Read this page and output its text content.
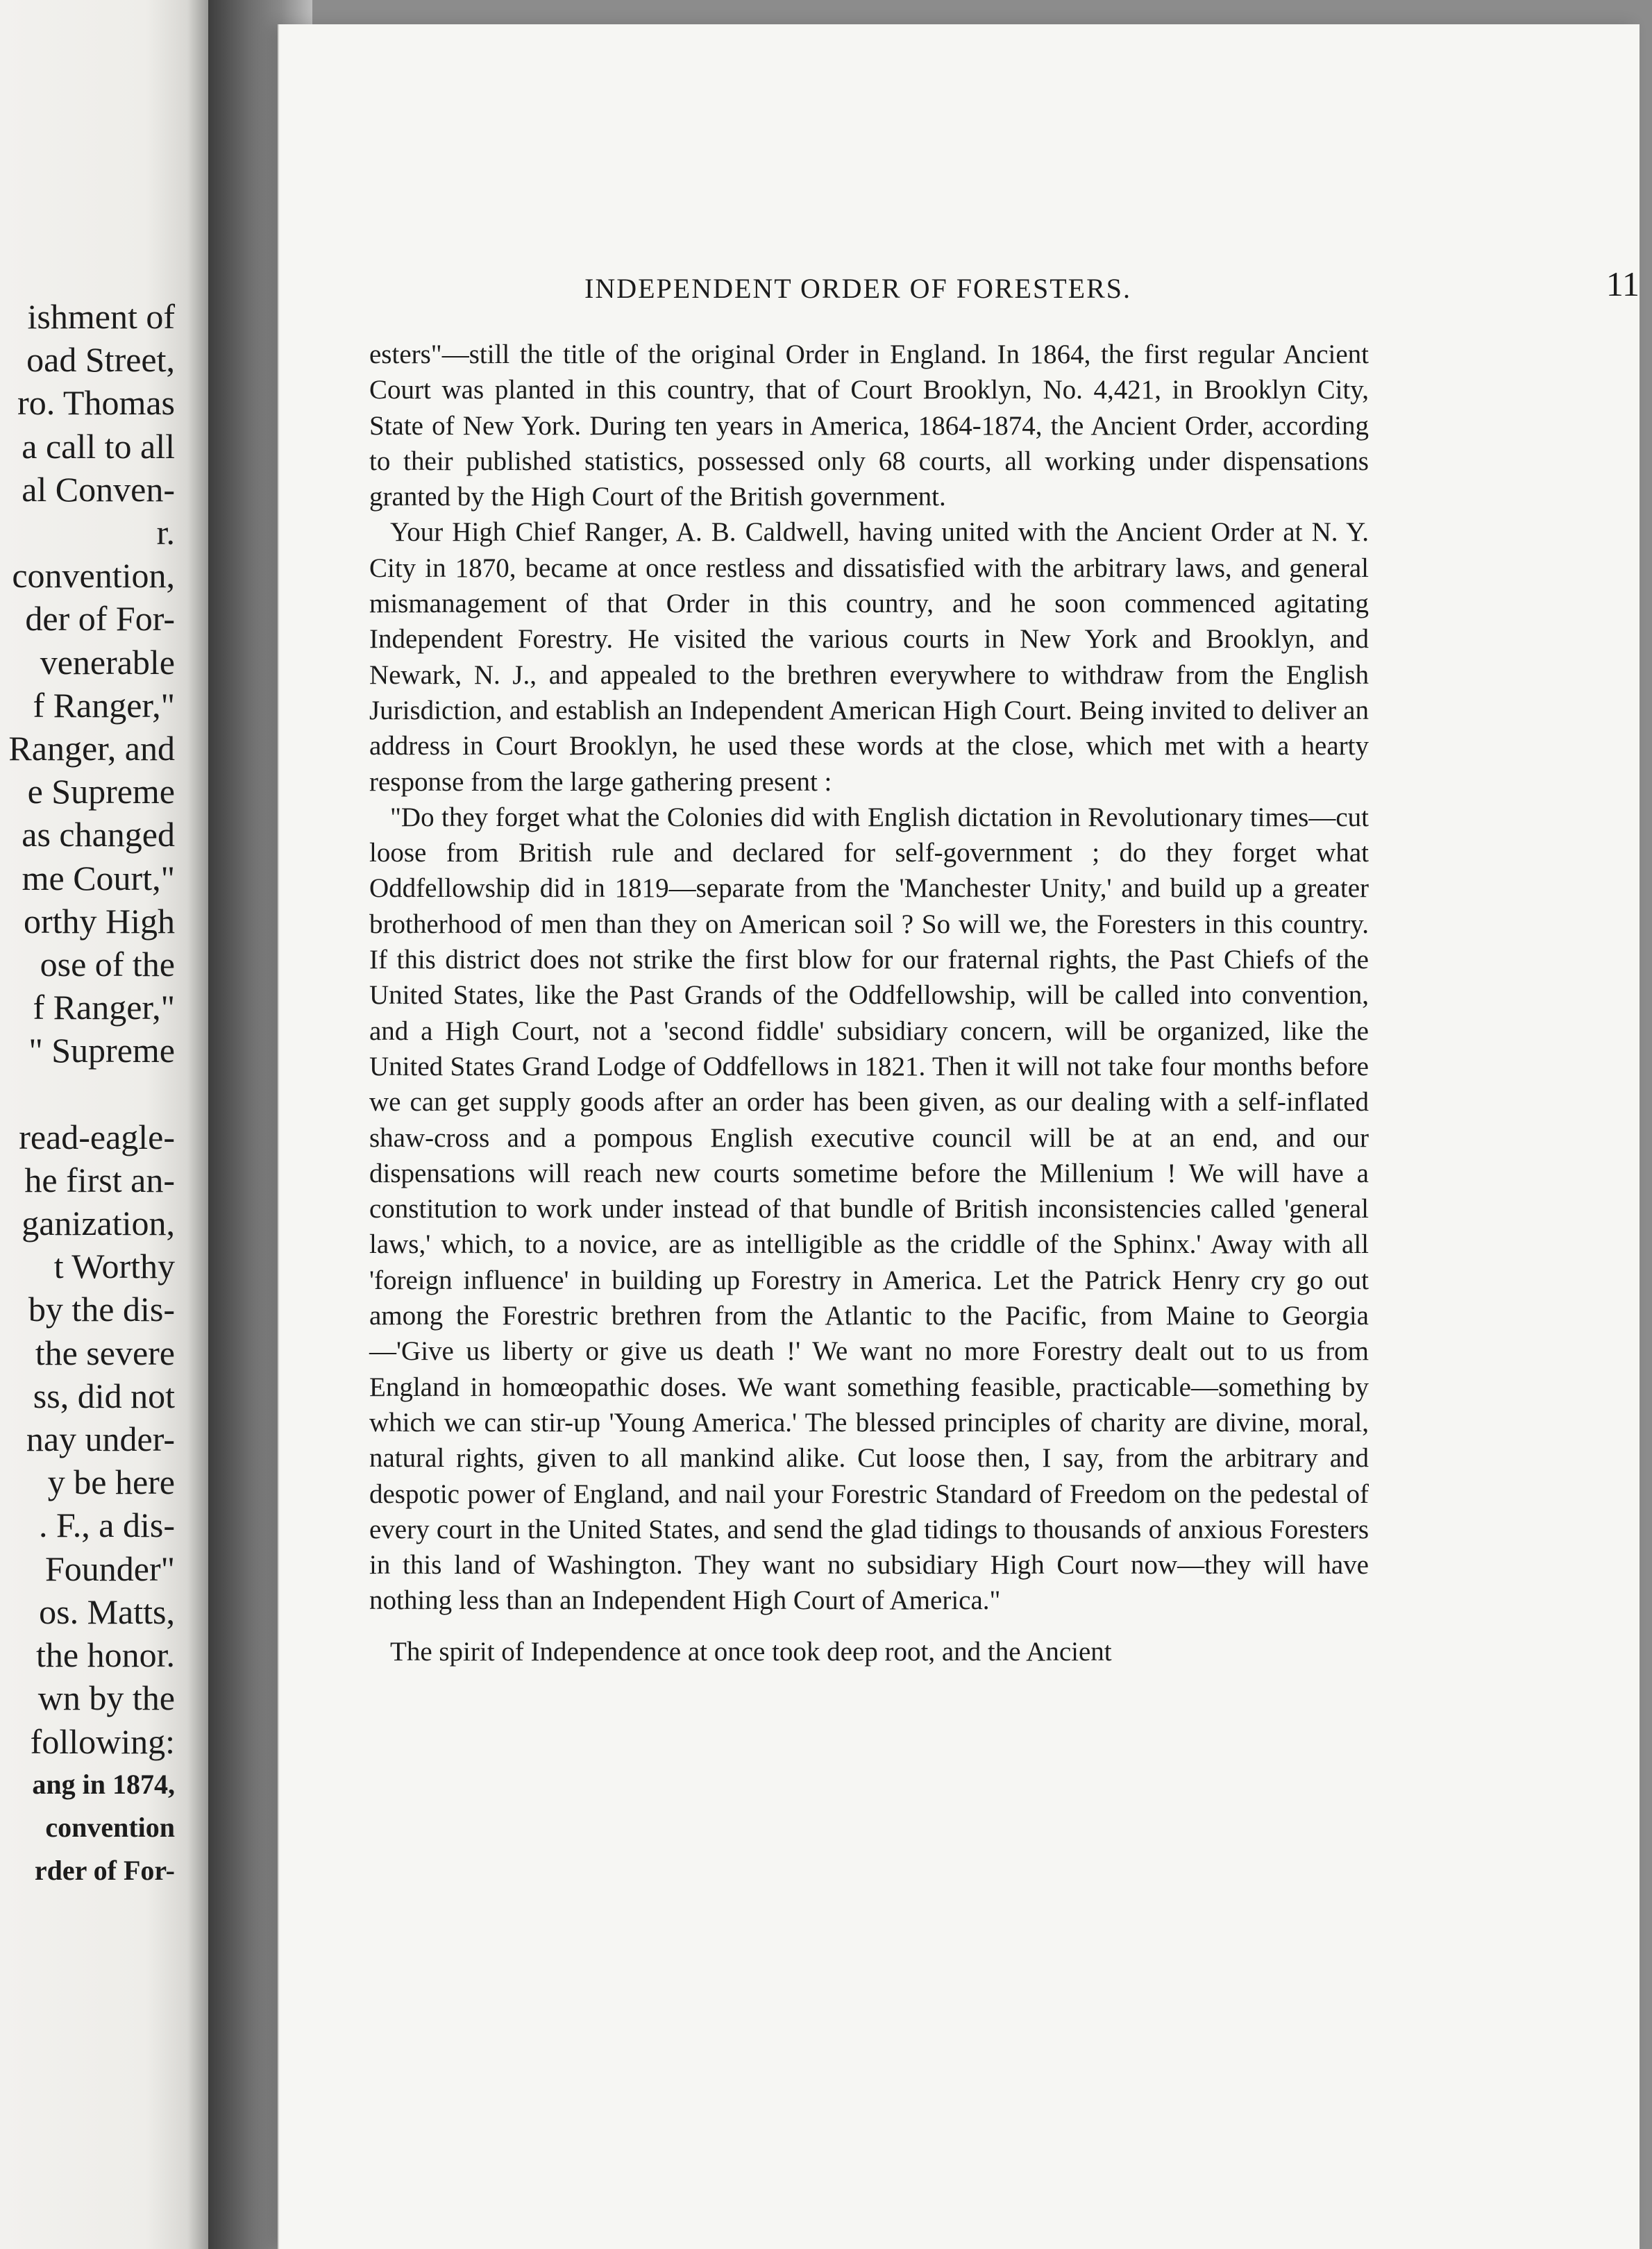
ishment of
oad Street,
ro. Thomas
a call to all
al Conven-
r.
convention,
der of For-
venerable
f Ranger,"
Ranger, and
e Supreme
as changed
me Court,"
orthy High
ose of the
f Ranger,"
" Supreme
read-eagle-
he first an-
ganization,
t Worthy
by the dis-
the severe
ss, did not
nay under-
y be here
. F., a dis-
Founder"
os. Matts,
the honor.
wn by the
following:
ang in 1874,
convention
rder of For-
INDEPENDENT ORDER OF FORESTERS.	11

esters"—still the title of the original Order in England. In 1864, the first regular Ancient Court was planted in this country, that of Court Brooklyn, No. 4,421, in Brooklyn City, State of New York. During ten years in America, 1864-1874, the Ancient Order, according to their published statistics, possessed only 68 courts, all working under dispensations granted by the High Court of the British government.

Your High Chief Ranger, A. B. Caldwell, having united with the Ancient Order at N. Y. City in 1870, became at once restless and dissatisfied with the arbitrary laws, and general mismanagement of that Order in this country, and he soon commenced agitating Independent Forestry. He visited the various courts in New York and Brooklyn, and Newark, N. J., and appealed to the brethren everywhere to withdraw from the English Jurisdiction, and establish an Independent American High Court. Being invited to deliver an address in Court Brooklyn, he used these words at the close, which met with a hearty response from the large gathering present :

"Do they forget what the Colonies did with English dictation in Revolutionary times—cut loose from British rule and declared for self-government ; do they forget what Oddfellowship did in 1819—separate from the 'Manchester Unity,' and build up a greater brotherhood of men than they on American soil ? So will we, the Foresters in this country. If this district does not strike the first blow for our fraternal rights, the Past Chiefs of the United States, like the Past Grands of the Oddfellowship, will be called into convention, and a High Court, not a 'second fiddle' subsidiary concern, will be organized, like the United States Grand Lodge of Oddfellows in 1821. Then it will not take four months before we can get supply goods after an order has been given, as our dealing with a self-inflated shaw-cross and a pompous English executive council will be at an end, and our dispensations will reach new courts sometime before the Millenium ! We will have a constitution to work under instead of that bundle of British inconsistencies called 'general laws,' which, to a novice, are as intelligible as the criddle of the Sphinx.' Away with all 'foreign influence' in building up Forestry in America. Let the Patrick Henry cry go out among the Forestric brethren from the Atlantic to the Pacific, from Maine to Georgia—'Give us liberty or give us death !' We want no more Forestry dealt out to us from England in homœopathic doses. We want something feasible, practicable—something by which we can stir-up 'Young America.' The blessed principles of charity are divine, moral, natural rights, given to all mankind alike. Cut loose then, I say, from the arbitrary and despotic power of England, and nail your Forestric Standard of Freedom on the pedestal of every court in the United States, and send the glad tidings to thousands of anxious Foresters in this land of Washington. They want no subsidiary High Court now—they will have nothing less than an Independent High Court of America."

The spirit of Independence at once took deep root, and the Ancient
